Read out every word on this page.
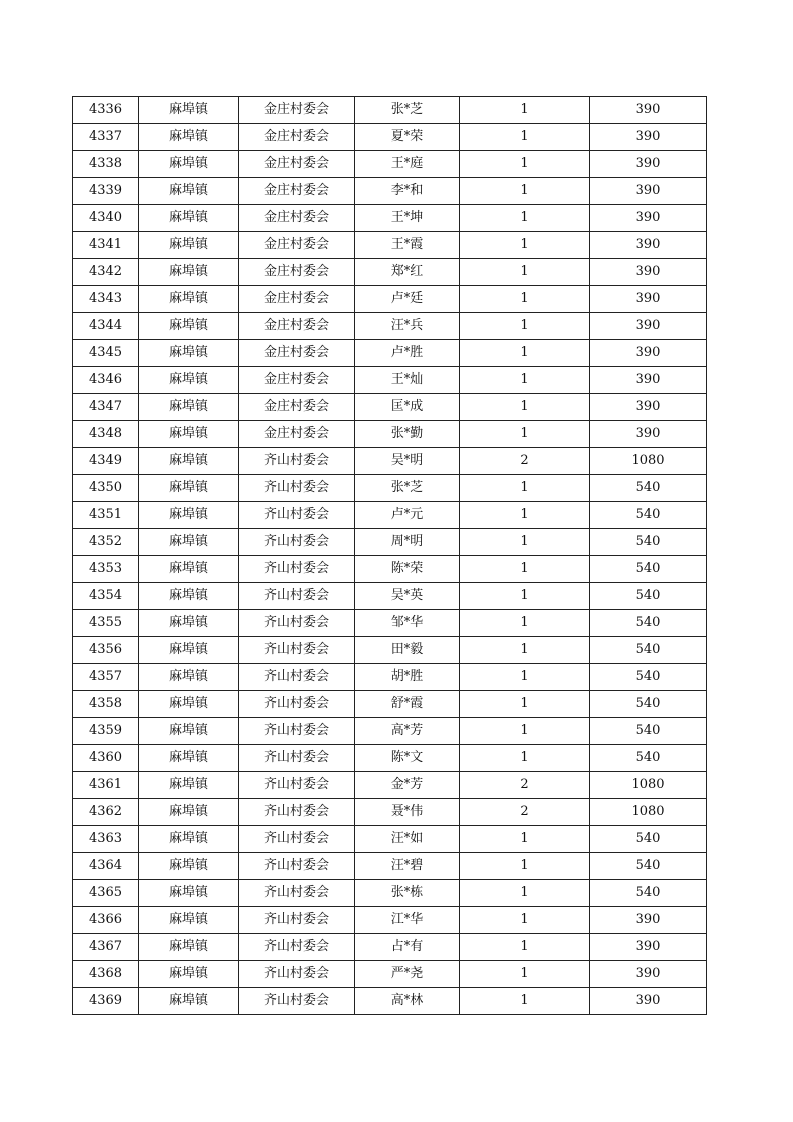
4336	麻埠镇	金庄村委会	张*芝	1	390
4337	麻埠镇	金庄村委会	夏*荣	1	390
4338	麻埠镇	金庄村委会	王*庭	1	390
4339	麻埠镇	金庄村委会	李*和	1	390
4340	麻埠镇	金庄村委会	王*坤	1	390
4341	麻埠镇	金庄村委会	王*霞	1	390
4342	麻埠镇	金庄村委会	郑*红	1	390
4343	麻埠镇	金庄村委会	卢*廷	1	390
4344	麻埠镇	金庄村委会	汪*兵	1	390
4345	麻埠镇	金庄村委会	卢*胜	1	390
4346	麻埠镇	金庄村委会	王*灿	1	390
4347	麻埠镇	金庄村委会	匡*成	1	390
4348	麻埠镇	金庄村委会	张*勤	1	390
4349	麻埠镇	齐山村委会	吴*明	2	1080
4350	麻埠镇	齐山村委会	张*芝	1	540
4351	麻埠镇	齐山村委会	卢*元	1	540
4352	麻埠镇	齐山村委会	周*明	1	540
4353	麻埠镇	齐山村委会	陈*荣	1	540
4354	麻埠镇	齐山村委会	吴*英	1	540
4355	麻埠镇	齐山村委会	邹*华	1	540
4356	麻埠镇	齐山村委会	田*毅	1	540
4357	麻埠镇	齐山村委会	胡*胜	1	540
4358	麻埠镇	齐山村委会	舒*霞	1	540
4359	麻埠镇	齐山村委会	高*芳	1	540
4360	麻埠镇	齐山村委会	陈*文	1	540
4361	麻埠镇	齐山村委会	金*芳	2	1080
4362	麻埠镇	齐山村委会	聂*伟	2	1080
4363	麻埠镇	齐山村委会	汪*如	1	540
4364	麻埠镇	齐山村委会	汪*碧	1	540
4365	麻埠镇	齐山村委会	张*栋	1	540
4366	麻埠镇	齐山村委会	江*华	1	390
4367	麻埠镇	齐山村委会	占*有	1	390
4368	麻埠镇	齐山村委会	严*尧	1	390
4369	麻埠镇	齐山村委会	高*林	1	390
